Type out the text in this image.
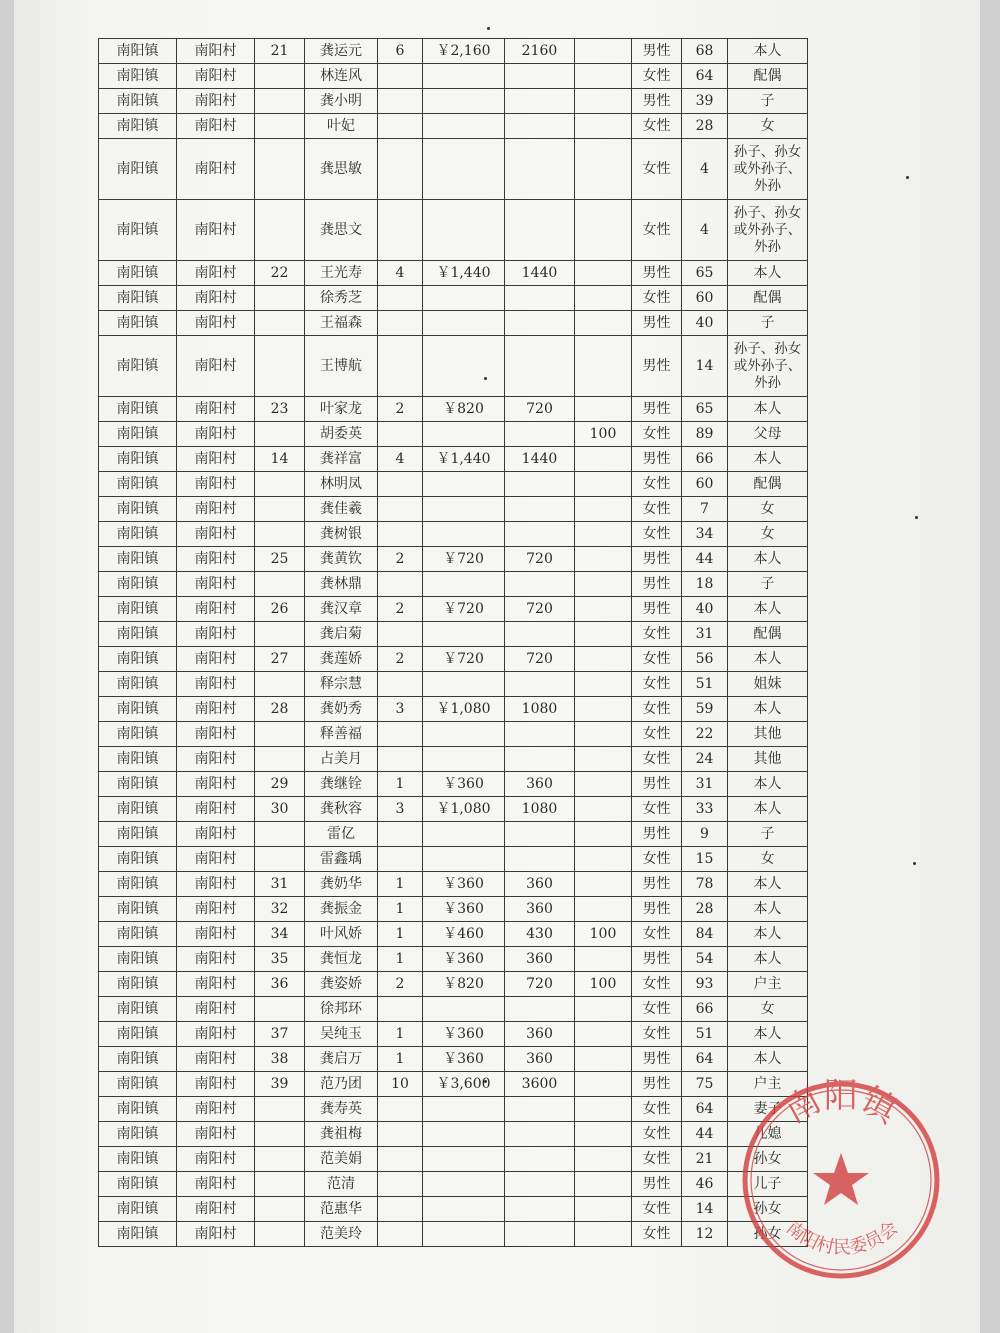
南阳镇	南阳村	21	龚运元	6	￥2,160	2160		男性	68	本人
南阳镇	南阳村		林连风					女性	64	配偶
南阳镇	南阳村		龚小明					男性	39	子
南阳镇	南阳村		叶妃					女性	28	女
南阳镇	南阳村		龚思敏					女性	4	孙子、孙女或外孙子、外孙
南阳镇	南阳村		龚思文					女性	4	孙子、孙女或外孙子、外孙
南阳镇	南阳村	22	王光寿	4	￥1,440	1440		男性	65	本人
南阳镇	南阳村		徐秀芝					女性	60	配偶
南阳镇	南阳村		王福森					男性	40	子
南阳镇	南阳村		王博航					男性	14	孙子、孙女或外孙子、外孙
南阳镇	南阳村	23	叶家龙	2	￥820	720		男性	65	本人
南阳镇	南阳村		胡委英				100	女性	89	父母
南阳镇	南阳村	14	龚祥富	4	￥1,440	1440		男性	66	本人
南阳镇	南阳村		林明凤					女性	60	配偶
南阳镇	南阳村		龚佳羲					女性	7	女
南阳镇	南阳村		龚树银					女性	34	女
南阳镇	南阳村	25	龚黄钦	2	￥720	720		男性	44	本人
南阳镇	南阳村		龚林鼎					男性	18	子
南阳镇	南阳村	26	龚汉章	2	￥720	720		男性	40	本人
南阳镇	南阳村		龚启菊					女性	31	配偶
南阳镇	南阳村	27	龚莲娇	2	￥720	720		女性	56	本人
南阳镇	南阳村		释宗慧					女性	51	姐妹
南阳镇	南阳村	28	龚奶秀	3	￥1,080	1080		女性	59	本人
南阳镇	南阳村		释善福					女性	22	其他
南阳镇	南阳村		占美月					女性	24	其他
南阳镇	南阳村	29	龚继铨	1	￥360	360		男性	31	本人
南阳镇	南阳村	30	龚秋容	3	￥1,080	1080		女性	33	本人
南阳镇	南阳村		雷亿					男性	9	子
南阳镇	南阳村		雷鑫瑀					女性	15	女
南阳镇	南阳村	31	龚奶华	1	￥360	360		男性	78	本人
南阳镇	南阳村	32	龚振金	1	￥360	360		男性	28	本人
南阳镇	南阳村	34	叶风娇	1	￥460	430	100	女性	84	本人
南阳镇	南阳村	35	龚恒龙	1	￥360	360		男性	54	本人
南阳镇	南阳村	36	龚姿娇	2	￥820	720	100	女性	93	户主
南阳镇	南阳村		徐邦环					女性	66	女
南阳镇	南阳村	37	吴纯玉	1	￥360	360		女性	51	本人
南阳镇	南阳村	38	龚启万	1	￥360	360		男性	64	本人
南阳镇	南阳村	39	范乃团	10	￥3,600	3600		男性	75	户主
南阳镇	南阳村		龚寿英					女性	64	妻子
南阳镇	南阳村		龚祖梅					女性	44	儿媳
南阳镇	南阳村		范美娟					女性	21	孙女
南阳镇	南阳村		范清					男性	46	儿子
南阳镇	南阳村		范惠华					女性	14	孙女
南阳镇	南阳村		范美玲					女性	12	孙女
南阳镇
南阳村民委员会
